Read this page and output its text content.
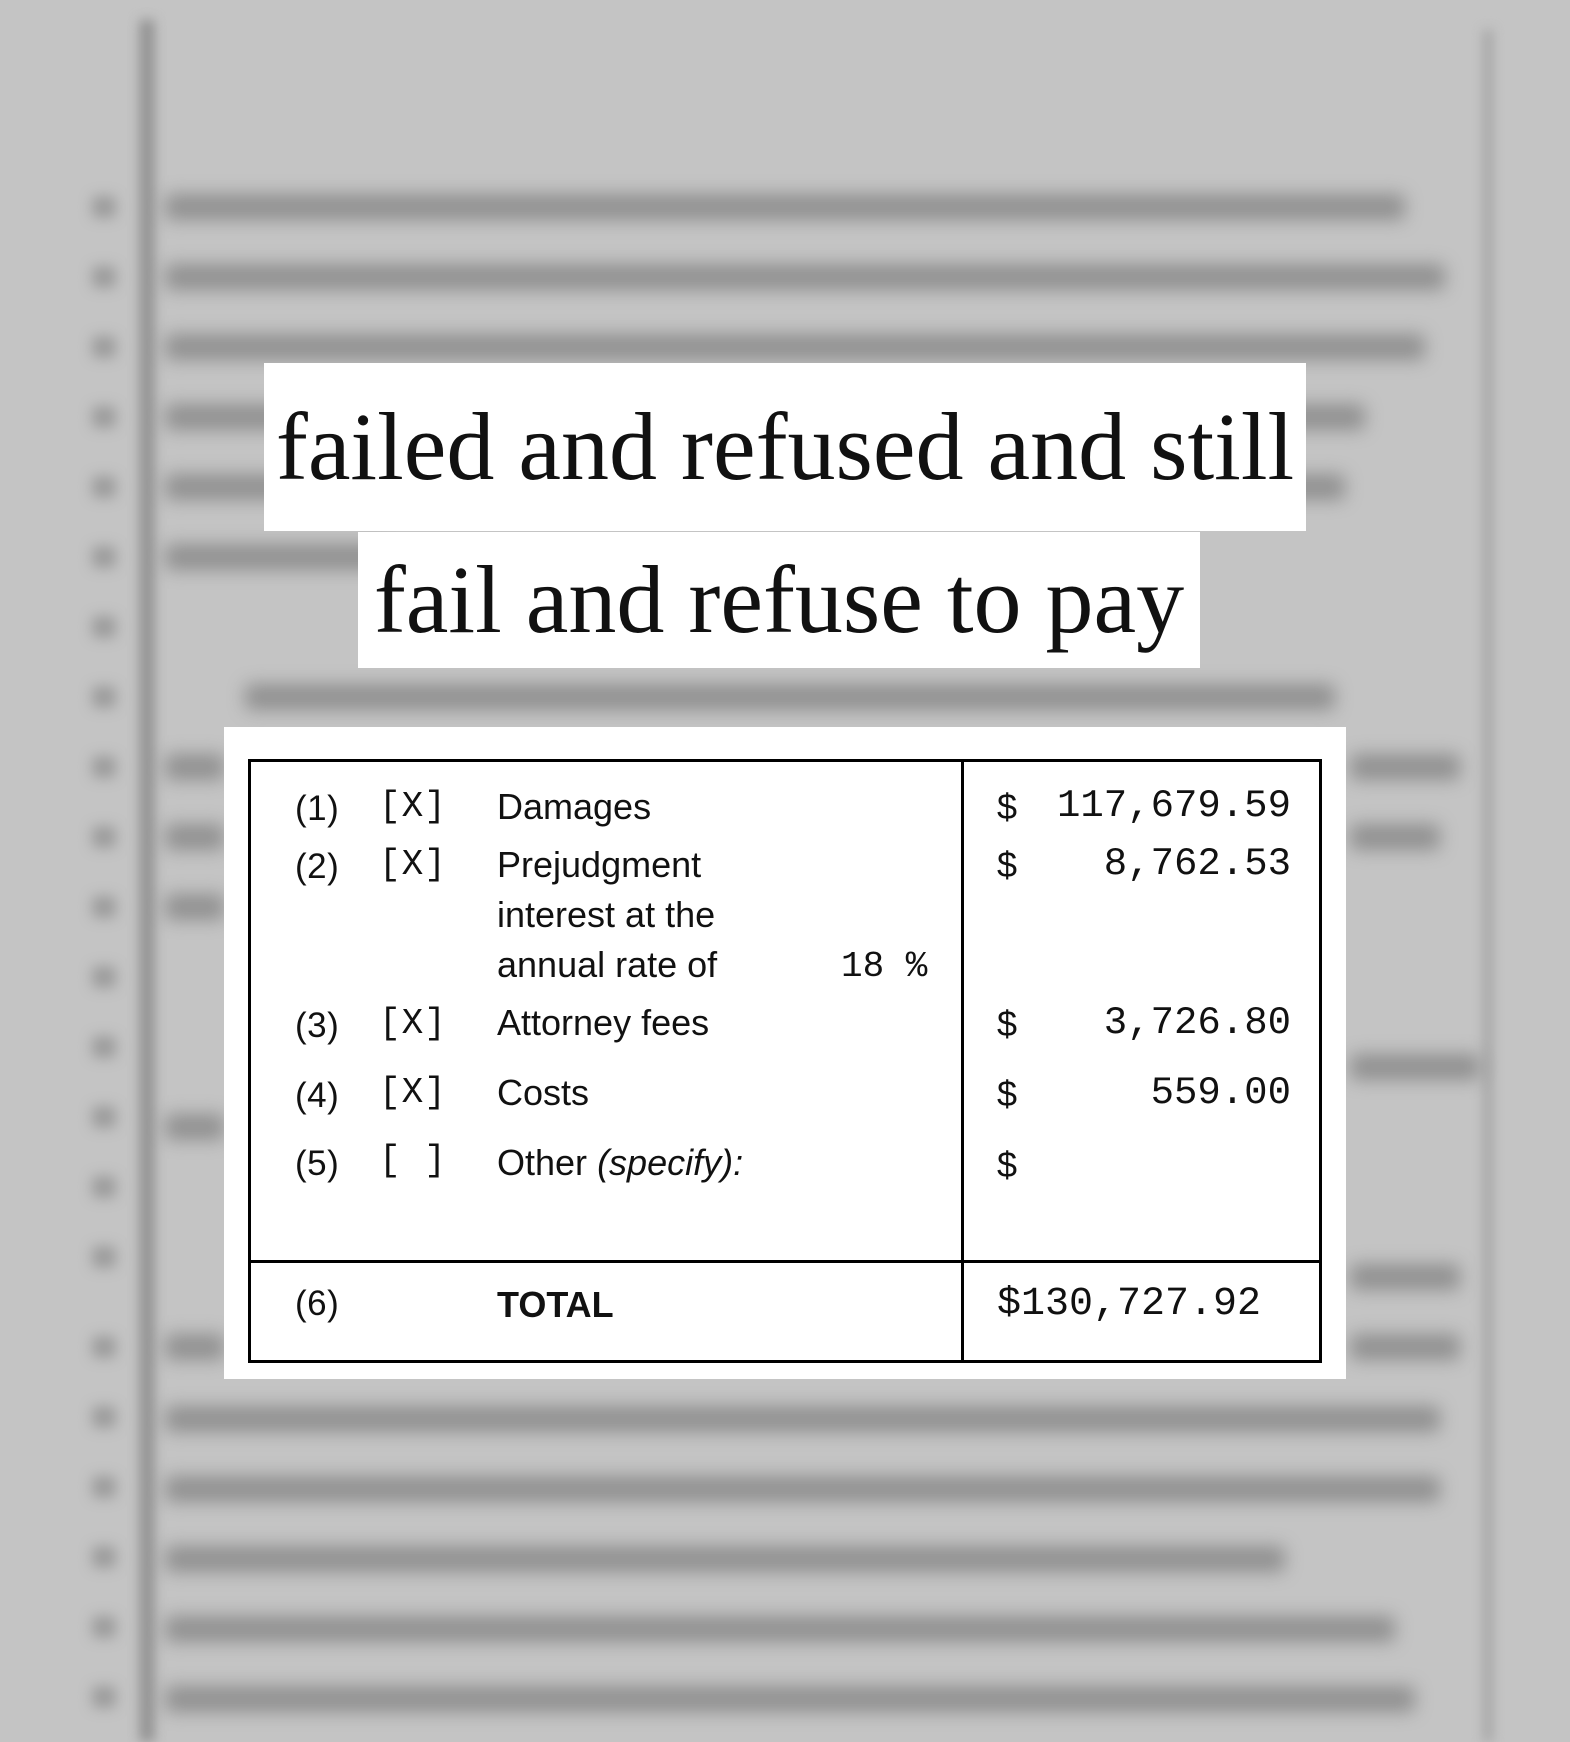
failed and refused and still
fail and refuse to pay
(1) [X] Damages	$	117,679.59
(2) [X] Prejudgment
interest at the
annual rate of	18 %
$	8,762.53
(3) [X] Attorney fees	$	3,726.80
(4) [X] Costs	$	559.00
(5) [ ] Other (specify):	$
(6)	TOTAL	$130,727.92
